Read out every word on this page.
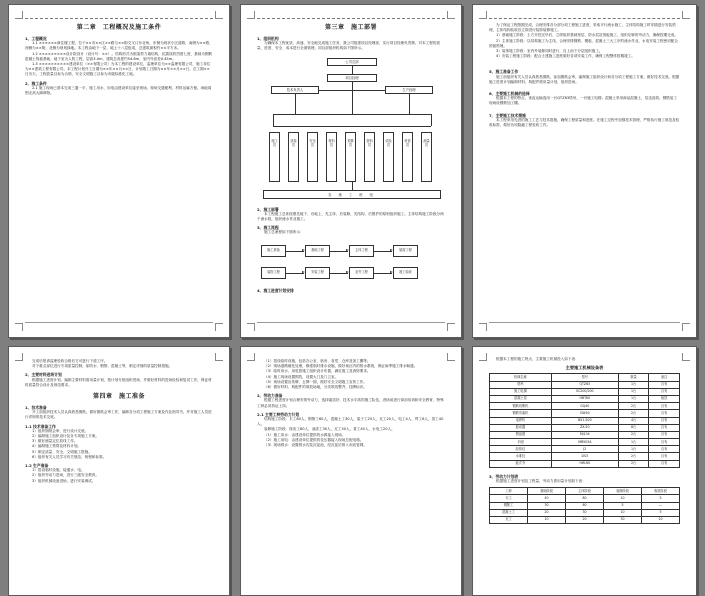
第二章　工程概况及施工条件
1、工程概况
1.1 ××××××商住楼工程，位于××市××区××路与××街交叉口东北角，东侧为现状小区道路，南侧为××路，西侧为××街，北侧为规划绿地。本工程由地下一层、地上十八层组成，总建筑面积约××平方米。
1.2 ×××××××××设计院设计（设计号：××）。结构形式为框架剪力墙结构，抗震设防烈度七度，基础为钢筋混凝土筏板基础，地下室为人防工程，层高3.0m，建筑总高度约54.6m，室内外高差0.45m。
1.3 ××××××××××建设单位（××有限公司）为本工程的建设单位，监理单位为××监理有限公司，施工单位为××建筑工程有限公司。本工程计划开工日期为××年××月××日，计划竣工日期为××年××月××日，总工期××日历天。工程质量目标为合格，安全文明施工目标为市级标准化工地。
2、施工条件
2.1 施工现场已基本完成三通一平，施工用水、用电由建设单位接至现场。现场交通便利，材料运输方便。场地周围无高大障碍物。
第三章　施工部署
1、组织机构
为确保本工程优质、高速、安全地完成施工任务，我公司组建项目经理部，实行项目经理负责制，对本工程的质量、进度、安全、成本进行全面管理，项目部组织机构如下图所示。
公司总部
项目经理
技术负责人	生产经理
施工员
质检员
安全员
材料员
预算员
资料员
试验员
机管员
测量员
各 施 工 班 组
2、施工部署
本工程施工总体按照先地下、后地上，先主体、后装修，先结构、后围护的原则组织施工。主体结构施工阶段分两个流水段，组织流水作业施工。
3、施工流程
施工总流程如下图所示：
施工准备	基础工程	主体工程	屋面工程
装饰工程	安装工程	室外工程	竣工验收
4、施工进度计划安排
为了保证工程按期完成，合理安排各分部分项工程施工进度，采取平行流水施工，主体结构施工时穿插进行安装预埋，主体结构验收后立即进行装饰装修施工。
1）基础施工阶段：土方开挖完毕后，立即组织基础垫层、防水层及筏板施工，组织足够的劳动力，确保按期完成。
2）主体施工阶段：以结构施工为主线，合理安排钢筋、模板、混凝土三大工序的流水作业，水电安装工程密切配合预留预埋。
3）装饰施工阶段：室内外装修同时进行，自上而下分层组织施工。
4）安装工程施工阶段：配合土建施工进度做好各项安装工作，确保工程整体按期竣工。
5、施工准备工作
施工前组织有关人员认真熟悉图纸，参加图纸会审，编制施工组织设计和各分项工程施工方案，做好技术交底。根据施工进度计划编制材料、构配件需用量计划，组织进场。
6、主要施工机械的选择
根据本工程的特点，垂直运输选用一台QTZ63塔吊，一台施工电梯；混凝土采用商品混凝土，泵送浇筑；钢筋加工现场设钢筋加工棚。
7、主要施工技术措施
本工程采用先进的施工工艺与技术措施，确保工程质量和进度。在施工过程中加强技术管理，严格执行施工规范及验收标准，做好各项隐蔽工程验收工作。
完成后报请监理验收合格后方可进行下道工序。
对于重点部位进行专项质量控制，如防水、钢筋、混凝土等，制定详细的质量控制措施。
2、主要材料进场计划
根据施工进度计划，编制主要材料需用量计划，按计划分批组织进场，并做好材料的进场检验和复试工作，保证材料质量符合设计及规范要求。
第四章　施工准备
1、技术准备
开工前组织技术人员认真熟悉图纸，做好图纸会审工作，编制各分项工程施工方案及作业指导书，并对施工人员进行详细的技术交底。
1.1 技术准备工作
1）组织图纸会审，进行设计交底。
2）编制施工组织设计及各专项施工方案。
3）做好测量定位放线工作。
4）编制施工预算及材料计划。
5）制定质量、安全、文明施工措施。
6）组织有关人员学习有关规范、规程和标准。
1.2 生产准备
1）搭设临时设施，接通水、电。
2）组织劳动力进场，进行三级安全教育。
3）组织机械设备进场，进行安装调试。
（1）搭设临时设施，包括办公室、宿舍、食堂、仓库及加工棚等。
（2）现场道路硬化处理，修建临时排水设施，做好场区内的排水系统，保证雨季施工排水畅通。
（3）临时用水、用电按施工组织设计布置，满足施工及消防要求。
（4）施工现场设置围挡，设置大门及门卫室。
（5）现场设置宣传牌、五牌一图，做好安全文明施工宣传工作。
（6）做好材料、构配件的堆放场地，分类堆放整齐，挂牌标识。
2、劳动力准备
根据工程进度计划合理安排劳动力，选择素质好、技术水平高的施工队伍，进场前进行岗前培训和安全教育，特殊工种必须持证上岗。
2.1 主要工种劳动力计划
结构施工阶段：木工80人，钢筋工60人，混凝土工30人，架子工20人，瓦工20人，电工4人，焊工6人，普工40人。
装修施工阶段：抹灰工80人，油漆工30人，瓦工30人，普工40人，水电工20人。
（1）施工用水：由建设单位提供的水源接入现场。
（2）施工用电：由建设单位提供的变压器接入现场总配电箱。
（3）现场排水：设置排水沟及沉淀池，经沉淀后排入市政管网。
根据本工程的施工特点，主要施工机械投入如下表：
主要施工机械设备表
机械名称	型号	数量	备注
塔吊	QTZ63	1台	自有
施工电梯	SC200/200	1台	自有
混凝土泵	HBT60	1台	租赁
钢筋切断机	GQ40	2台	自有
钢筋弯曲机	GW40	2台	自有
电焊机	BX1-500	4台	自有
振动器	ZX-50	8台	自有
圆盘锯	MJ104	2台	自有
平刨	MB503A	1台	自有
经纬仪	J2	1台	自有
水准仪	DS3	2台	自有
蛙式夯	HW-60	2台	自有
3、劳动力计划表
根据施工进度计划及工程量，劳动力需用量计划如下表：
工种	基础阶段	主体阶段	装修阶段	收尾阶段
木工	40	80	10	5
钢筋工	30	60	5	—
混凝土工	20	30	10	5
瓦工	10	20	30	10
